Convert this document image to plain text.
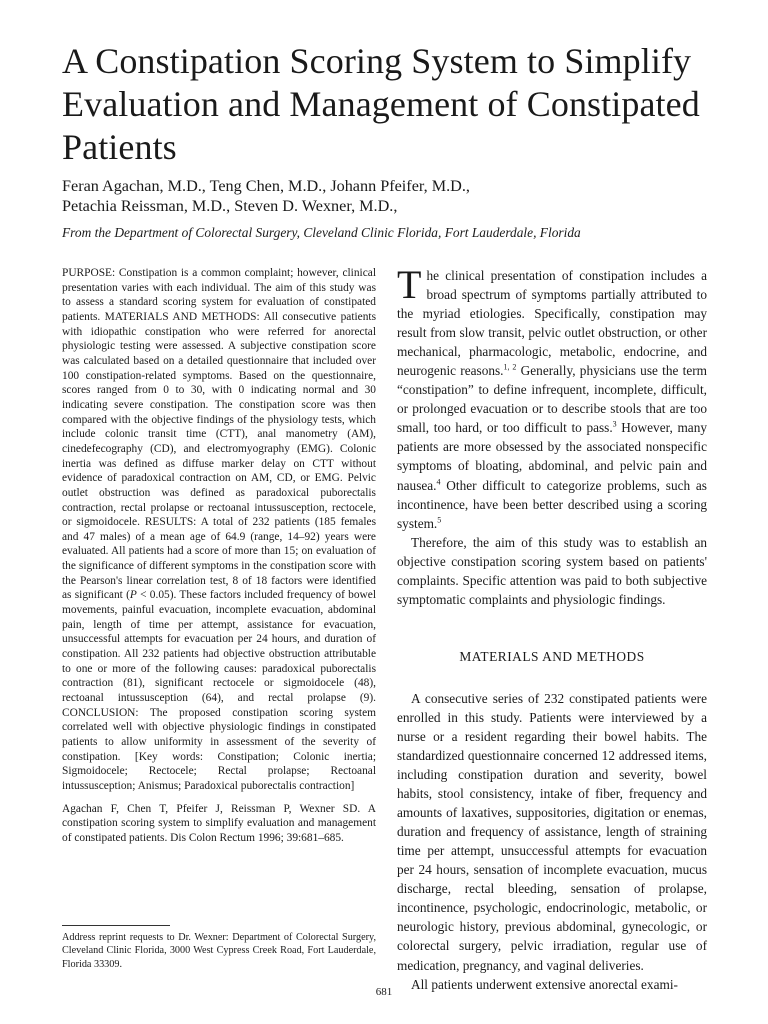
A Constipation Scoring System to Simplify Evaluation and Management of Constipated Patients
Feran Agachan, M.D., Teng Chen, M.D., Johann Pfeifer, M.D.,
Petachia Reissman, M.D., Steven D. Wexner, M.D.,
From the Department of Colorectal Surgery, Cleveland Clinic Florida, Fort Lauderdale, Florida

PURPOSE: Constipation is a common complaint; however, clinical presentation varies with each individual. The aim of this study was to assess a standard scoring system for evaluation of constipated patients. MATERIALS AND METHODS: All consecutive patients with idiopathic constipation who were referred for anorectal physiologic testing were assessed. A subjective constipation score was calculated based on a detailed questionnaire that included over 100 constipation-related symptoms. Based on the questionnaire, scores ranged from 0 to 30, with 0 indicating normal and 30 indicating severe constipation. The constipation score was then compared with the objective findings of the physiology tests, which include colonic transit time (CTT), anal manometry (AM), cinedefecography (CD), and electromyography (EMG). Colonic inertia was defined as diffuse marker delay on CTT without evidence of paradoxical contraction on AM, CD, or EMG. Pelvic outlet obstruction was defined as paradoxical puborectalis contraction, rectal prolapse or rectoanal intussusception, rectocele, or sigmoidocele. RESULTS: A total of 232 patients (185 females and 47 males) of a mean age of 64.9 (range, 14–92) years were evaluated. All patients had a score of more than 15; on evaluation of the significance of different symptoms in the constipation score with the Pearson's linear correlation test, 8 of 18 factors were identified as significant (P < 0.05). These factors included frequency of bowel movements, painful evacuation, incomplete evacuation, abdominal pain, length of time per attempt, assistance for evacuation, unsuccessful attempts for evacuation per 24 hours, and duration of constipation. All 232 patients had objective obstruction attributable to one or more of the following causes: paradoxical puborectalis contraction (81), significant rectocele or sigmoidocele (48), rectoanal intussusception (64), and rectal prolapse (9). CONCLUSION: The proposed constipation scoring system correlated well with objective physiologic findings in constipated patients to allow uniformity in assessment of the severity of constipation. [Key words: Constipation; Colonic inertia; Sigmoidocele; Rectocele; Rectal prolapse; Rectoanal intussusception; Anismus; Paradoxical puborectalis contraction]

Agachan F, Chen T, Pfeifer J, Reissman P, Wexner SD. A constipation scoring system to simplify evaluation and management of constipated patients. Dis Colon Rectum 1996; 39:681–685.

Address reprint requests to Dr. Wexner: Department of Colorectal Surgery, Cleveland Clinic Florida, 3000 West Cypress Creek Road, Fort Lauderdale, Florida 33309.

The clinical presentation of constipation includes a broad spectrum of symptoms partially attributed to the myriad etiologies. Specifically, constipation may result from slow transit, pelvic outlet obstruction, or other mechanical, pharmacologic, metabolic, endocrine, and neurogenic reasons.$^{1, 2}$ Generally, physicians use the term “constipation” to define infrequent, incomplete, difficult, or prolonged evacuation or to describe stools that are too small, too hard, or too difficult to pass.$^3$ However, many patients are more obsessed by the associated nonspecific symptoms of bloating, abdominal, and pelvic pain and nausea.$^4$ Other difficult to categorize problems, such as incontinence, have been better described using a scoring system.$^5$

Therefore, the aim of this study was to establish an objective constipation scoring system based on patients' complaints. Specific attention was paid to both subjective symptomatic complaints and physiologic findings.

MATERIALS AND METHODS

A consecutive series of 232 constipated patients were enrolled in this study. Patients were interviewed by a nurse or a resident regarding their bowel habits. The standardized questionnaire concerned 12 addressed items, including constipation duration and severity, bowel habits, stool consistency, intake of fiber, frequency and amounts of laxatives, suppositories, digitation or enemas, duration and frequency of assistance, length of straining time per attempt, unsuccessful attempts for evacuation per 24 hours, sensation of incomplete evacuation, mucus discharge, rectal bleeding, sensation of prolapse, incontinence, psychologic, endocrinologic, metabolic, or neurologic history, previous abdominal, gynecologic, or colorectal surgery, pelvic irradiation, regular use of medication, pregnancy, and vaginal deliveries.

All patients underwent extensive anorectal exami-

681
